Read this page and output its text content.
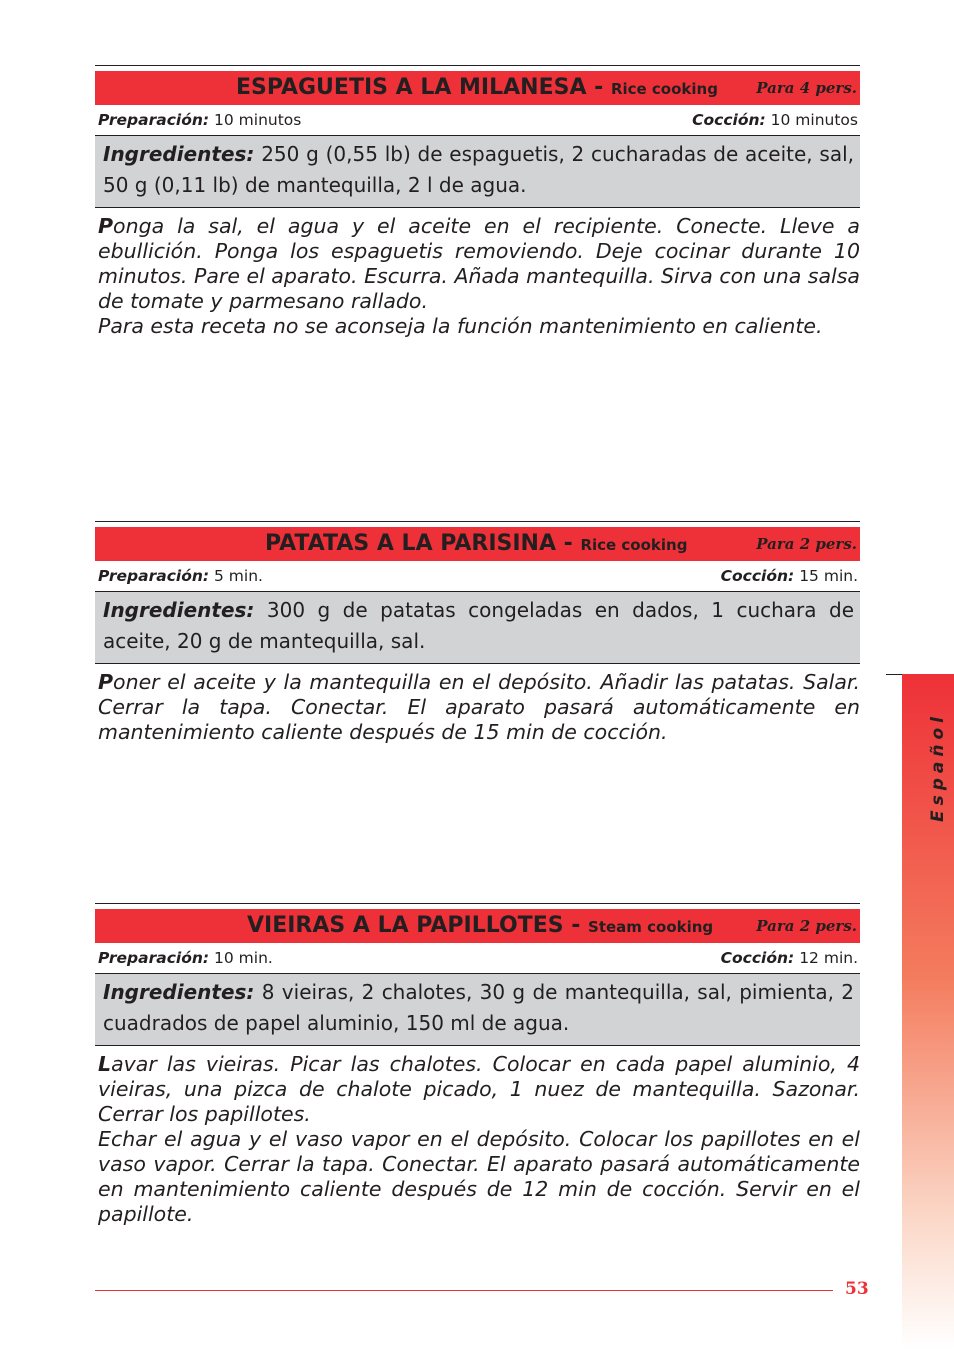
ESPAGUETIS A LA MILANESA - Rice cooking	Para 4 pers.
Preparación: 10 minutos	Cocción: 10 minutos
Ingredientes: 250 g (0,55 lb) de espaguetis, 2 cucharadas de aceite, sal, 50 g (0,11 lb) de mantequilla, 2 l de agua.

Ponga la sal, el agua y el aceite en el recipiente. Conecte. Lleve a ebullición. Ponga los espaguetis removiendo. Deje cocinar durante 10 minutos. Pare el aparato. Escurra. Añada mantequilla. Sirva con una salsa de tomate y parmesano rallado.

Para esta receta no se aconseja la función mantenimiento en caliente.

PATATAS A LA PARISINA - Rice cooking	Para 2 pers.
Preparación: 5 min.	Cocción: 15 min.
Ingredientes: 300 g de patatas congeladas en dados, 1 cuchara de aceite, 20 g de mantequilla, sal.

Poner el aceite y la mantequilla en el depósito. Añadir las patatas. Salar. Cerrar la tapa. Conectar. El aparato pasará automáticamente en mantenimiento caliente después de 15 min de cocción.

VIEIRAS A LA PAPILLOTES - Steam cooking	Para 2 pers.
Preparación: 10 min.	Cocción: 12 min.
Ingredientes: 8 vieiras, 2 chalotes, 30 g de mantequilla, sal, pimienta, 2 cuadrados de papel aluminio, 150 ml de agua.

Lavar las vieiras. Picar las chalotes. Colocar en cada papel aluminio, 4 vieiras, una pizca de chalote picado, 1 nuez de mantequilla. Sazonar. Cerrar los papillotes.

Echar el agua y el vaso vapor en el depósito. Colocar los papillotes en el vaso vapor. Cerrar la tapa. Conectar. El aparato pasará automáticamente en mantenimiento caliente después de 12 min de cocción. Servir en el papillote.

Español
53
